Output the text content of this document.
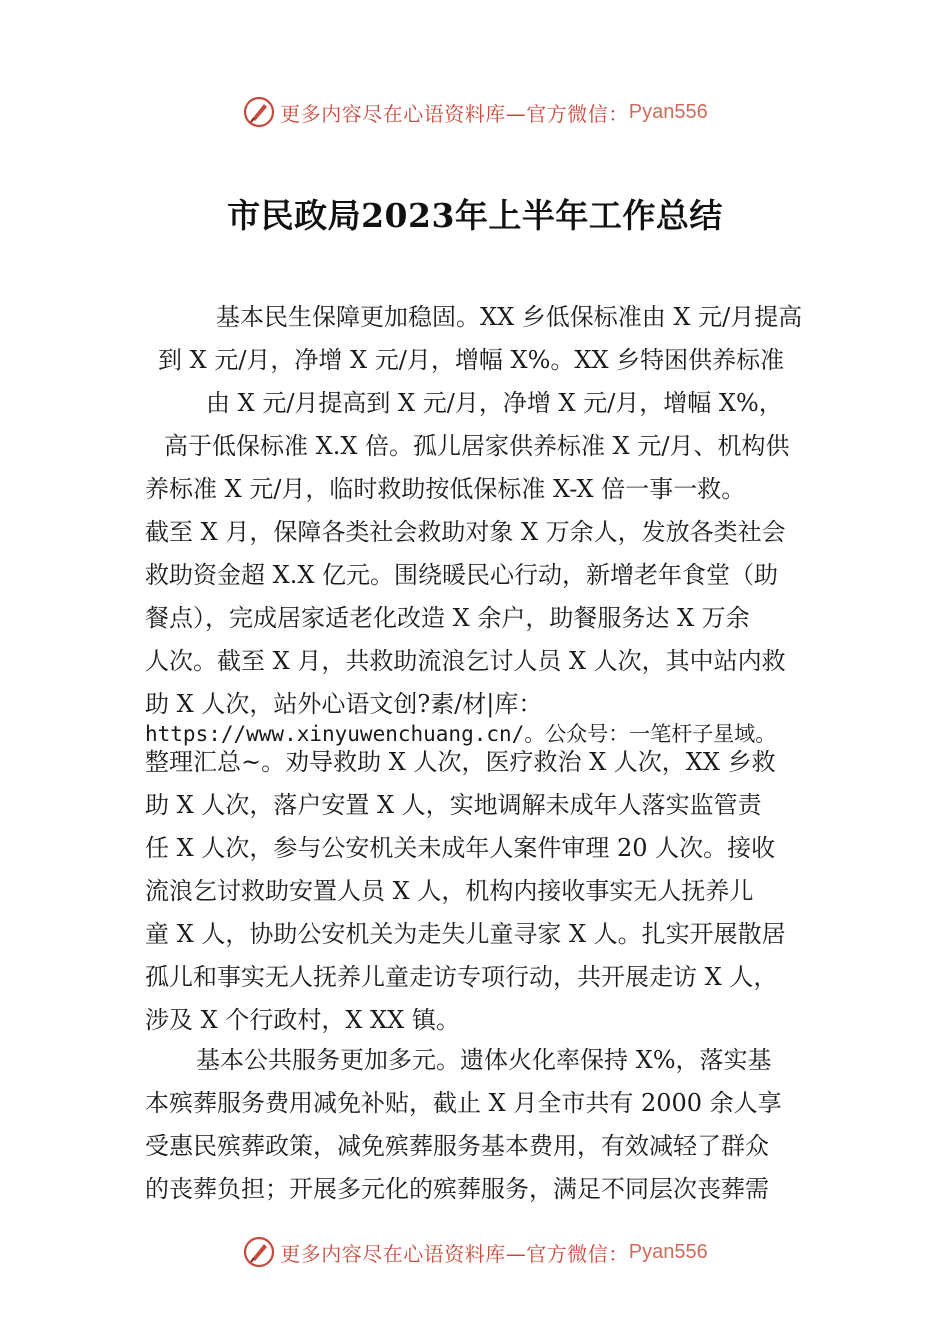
更多内容尽在心语资料库—官方微信： Pyan556
市民政局2023年上半年工作总结
基本民生保障更加稳固。XX 乡低保标准由 X 元/月提高
到 X 元/月，净增 X 元/月，增幅 X%。XX 乡特困供养标准
由 X 元/月提高到 X 元/月，净增 X 元/月，增幅 X%，
高于低保标准 X.X 倍。孤儿居家供养标准 X 元/月、机构供
养标准 X 元/月，临时救助按低保标准 X-X 倍一事一救。
截至 X 月，保障各类社会救助对象 X 万余人，发放各类社会
救助资金超 X.X 亿元。围绕暖民心行动，新增老年食堂（助
餐点），完成居家适老化改造 X 余户，助餐服务达 X 万余
人次。截至 X 月，共救助流浪乞讨人员 X 人次，其中站内救
助 X 人次，站外心语文创?素/材|库：
https://www.xinyuwenchuang.cn/。公众号：一笔杆子星域。
整理汇总~。劝导救助 X 人次，医疗救治 X 人次，XX 乡救
助 X 人次，落户安置 X 人，实地调解未成年人落实监管责
任 X 人次，参与公安机关未成年人案件审理 20 人次。接收
流浪乞讨救助安置人员 X 人，机构内接收事实无人抚养儿
童 X 人，协助公安机关为走失儿童寻家 X 人。扎实开展散居
孤儿和事实无人抚养儿童走访专项行动，共开展走访 X 人，
涉及 X 个行政村，X XX 镇。
基本公共服务更加多元。遗体火化率保持 X%，落实基
本殡葬服务费用减免补贴，截止 X 月全市共有 2000 余人享
受惠民殡葬政策，减免殡葬服务基本费用，有效减轻了群众
的丧葬负担；开展多元化的殡葬服务，满足不同层次丧葬需
更多内容尽在心语资料库—官方微信： Pyan556
